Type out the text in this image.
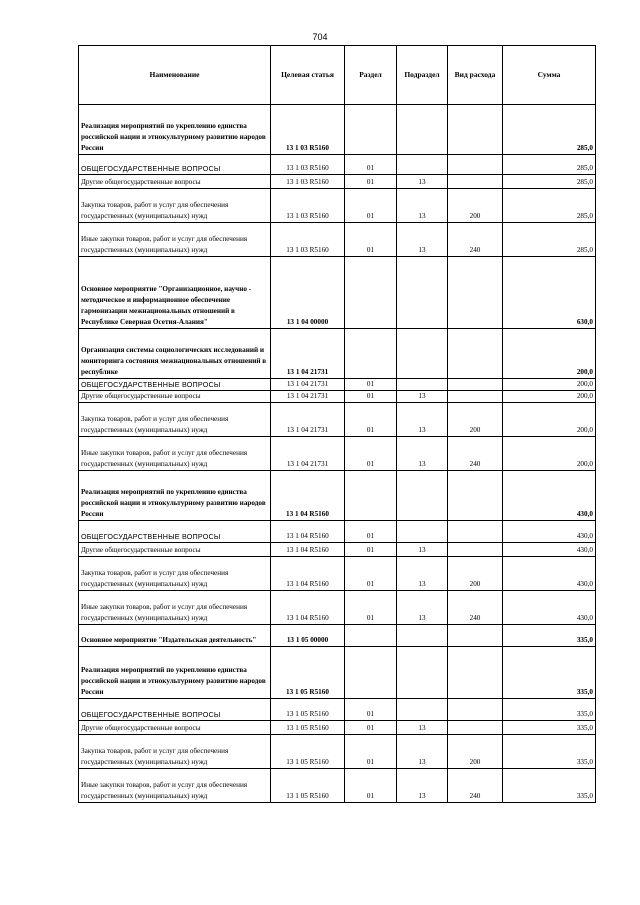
704
Наименование	Целевая статья	Раздел	Подраздел	Вид расхода	Сумма
Реализация мероприятий по укреплению единства российской нации и этнокультурному развитию народов России	13 1 03 R5160				285,0
ОБЩЕГОСУДАРСТВЕННЫЕ ВОПРОСЫ	13 1 03 R5160	01			285,0
Другие общегосударственные вопросы	13 1 03 R5160	01	13		285,0
Закупка товаров, работ и услуг для обеспечения государственных (муниципальных) нужд	13 1 03 R5160	01	13	200	285,0
Иные закупки товаров, работ и услуг для обеспечения государственных (муниципальных) нужд	13 1 03 R5160	01	13	240	285,0
Основное мероприятие "Организационное, научно - методическое и информационное обеспечение гармонизации межнациональных отношений в Республике Северная Осетия-Алания"	13 1 04 00000				630,0
Организация системы социологических исследований и мониторинга состояния межнациональных отношений в республике	13 1 04 21731				200,0
ОБЩЕГОСУДАРСТВЕННЫЕ ВОПРОСЫ	13 1 04 21731	01			200,0
Другие общегосударственные вопросы	13 1 04 21731	01	13		200,0
Закупка товаров, работ и услуг для обеспечения государственных (муниципальных) нужд	13 1 04 21731	01	13	200	200,0
Иные закупки товаров, работ и услуг для обеспечения государственных (муниципальных) нужд	13 1 04 21731	01	13	240	200,0
Реализация мероприятий по укреплению единства российской нации и этнокультурному развитию народов России	13 1 04 R5160				430,0
ОБЩЕГОСУДАРСТВЕННЫЕ ВОПРОСЫ	13 1 04 R5160	01			430,0
Другие общегосударственные вопросы	13 1 04 R5160	01	13		430,0
Закупка товаров, работ и услуг для обеспечения государственных (муниципальных) нужд	13 1 04 R5160	01	13	200	430,0
Иные закупки товаров, работ и услуг для обеспечения государственных (муниципальных) нужд	13 1 04 R5160	01	13	240	430,0
Основное мероприятие "Издательская деятельность"	13 1 05 00000				335,0
Реализация мероприятий по укреплению единства российской нации и этнокультурному развитию народов России	13 1 05 R5160				335,0
ОБЩЕГОСУДАРСТВЕННЫЕ ВОПРОСЫ	13 1 05 R5160	01			335,0
Другие общегосударственные вопросы	13 1 05 R5160	01	13		335,0
Закупка товаров, работ и услуг для обеспечения государственных (муниципальных) нужд	13 1 05 R5160	01	13	200	335,0
Иные закупки товаров, работ и услуг для обеспечения государственных (муниципальных) нужд	13 1 05 R5160	01	13	240	335,0
